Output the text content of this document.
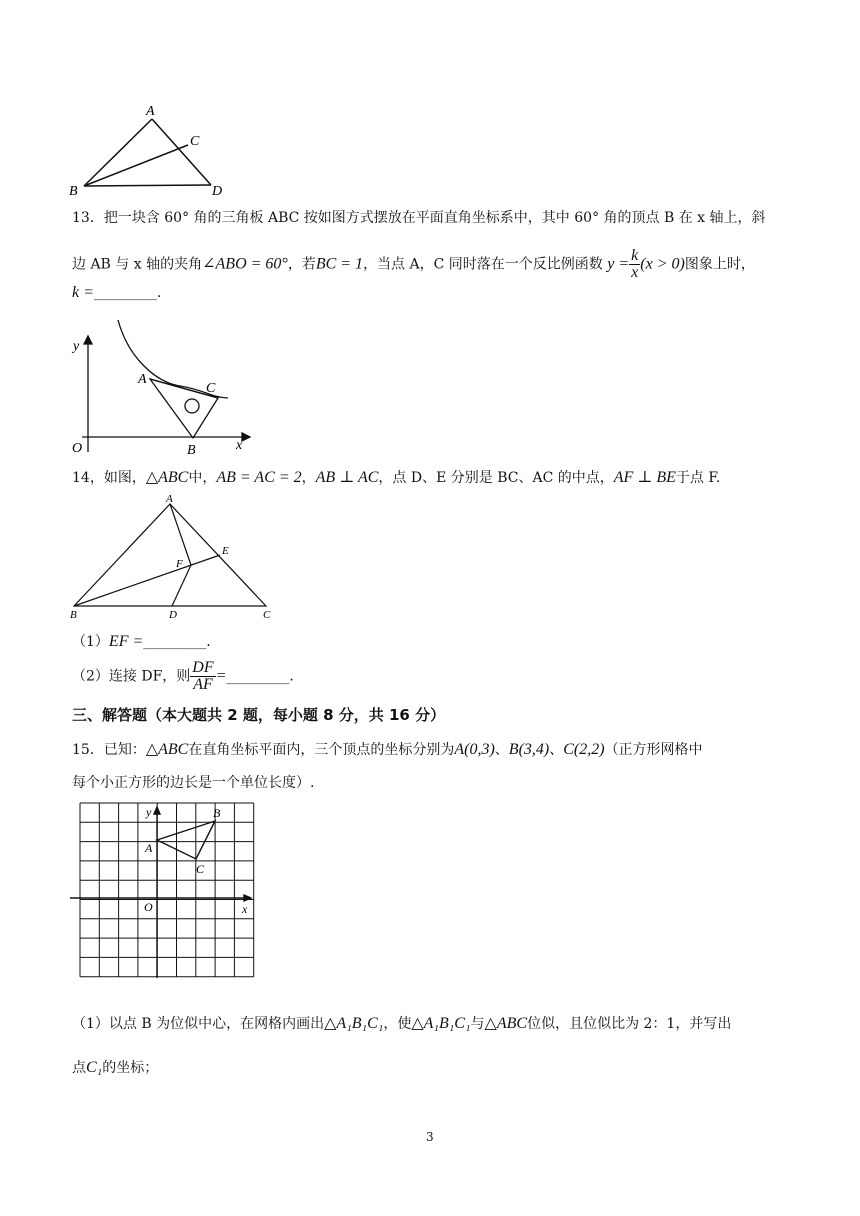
A
B
C
D
13．把一块含 60° 角的三角板 ABC 按如图方式摆放在平面直角坐标系中，其中 60° 角的顶点 B 在 x 轴上，斜
边 AB 与 x 轴的夹角∠ABO = 60°，若BC = 1，当点 A，C 同时落在一个反比例函数 $y = \frac{k}{x} (x > 0)$图象上时，
k =_________.
y
x
O
A
B
C
14，如图，△ABC中，AB = AC = 2，AB ⊥ AC，点 D、E 分别是 BC、AC 的中点，AF ⊥ BE于点 F.
A
B	C
D
E
F
（1）EF =_________.
（2）连接 DF，则 $\frac{DF}{AF}$ =_________.
三、解答题（本大题共 2 题，每小题 8 分，共 16 分）
15．已知：△ABC在直角坐标平面内，三个顶点的坐标分别为A(0,3)、B(3,4)、C(2,2)（正方形网格中
每个小正方形的边长是一个单位长度）.
y
x
O
A
B
C
（1）以点 B 为位似中心，在网格内画出△A₁B₁C₁，使△A₁B₁C₁与△ABC位似，且位似比为 2：1，并写出
点C₁的坐标；
3
